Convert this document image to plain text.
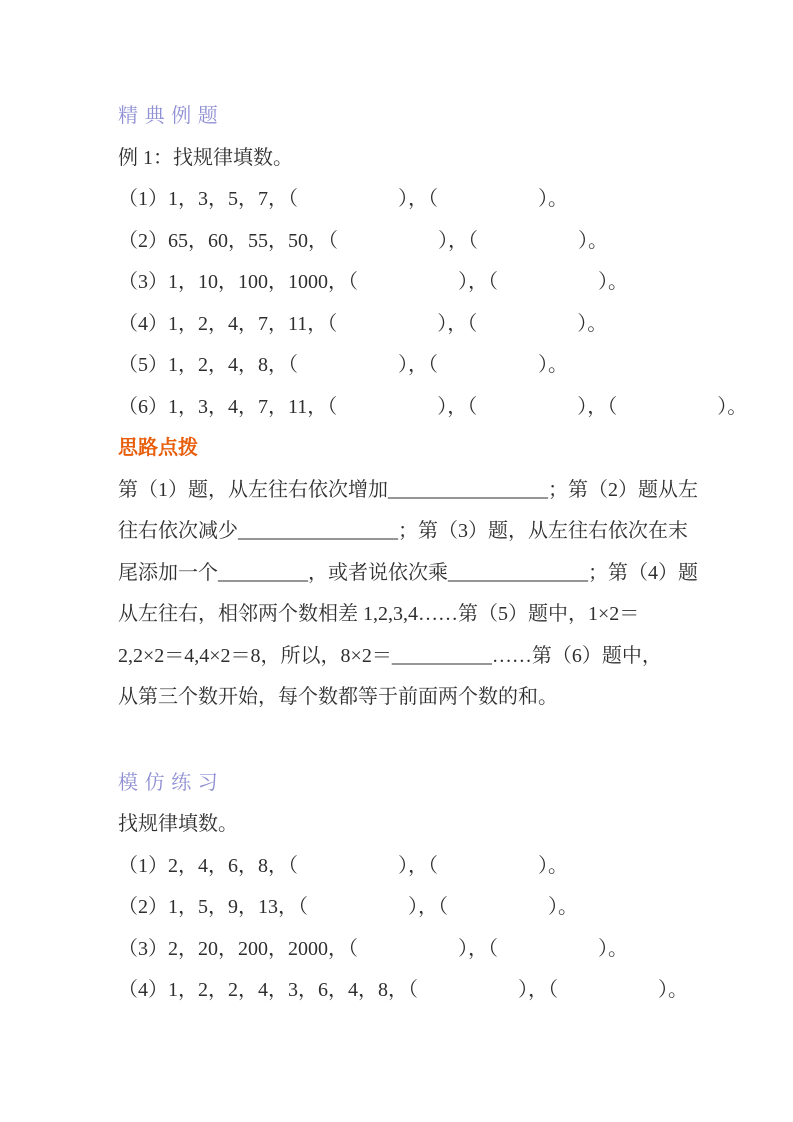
精典例题
例 1：找规律填数。
（1）1，3，5，7，（　　　　　），（　　　　　）。
（2）65，60，55，50，（　　　　　），（　　　　　）。
（3）1，10，100，1000，（　　　　　），（　　　　　）。
（4）1，2，4，7，11，（　　　　　），（　　　　　）。
（5）1，2，4，8，（　　　　　），（　　　　　）。
（6）1，3，4，7，11，（　　　　　），（　　　　　），（　　　　　）。
思路点拨
第（1）题，从左往右依次增加________________；第（2）题从左
往右依次减少________________；第（3）题，从左往右依次在末
尾添加一个_________，或者说依次乘______________；第（4）题
从左往右，相邻两个数相差 1,2,3,4……第（5）题中，1×2＝
2,2×2＝4,4×2＝8，所以，8×2＝__________……第（6）题中，
从第三个数开始，每个数都等于前面两个数的和。
模仿练习
找规律填数。
（1）2，4，6，8，（　　　　　），（　　　　　）。
（2）1，5，9，13，（　　　　　），（　　　　　）。
（3）2，20，200，2000，（　　　　　），（　　　　　）。
（4）1，2，2，4，3，6，4，8，（　　　　　），（　　　　　）。
